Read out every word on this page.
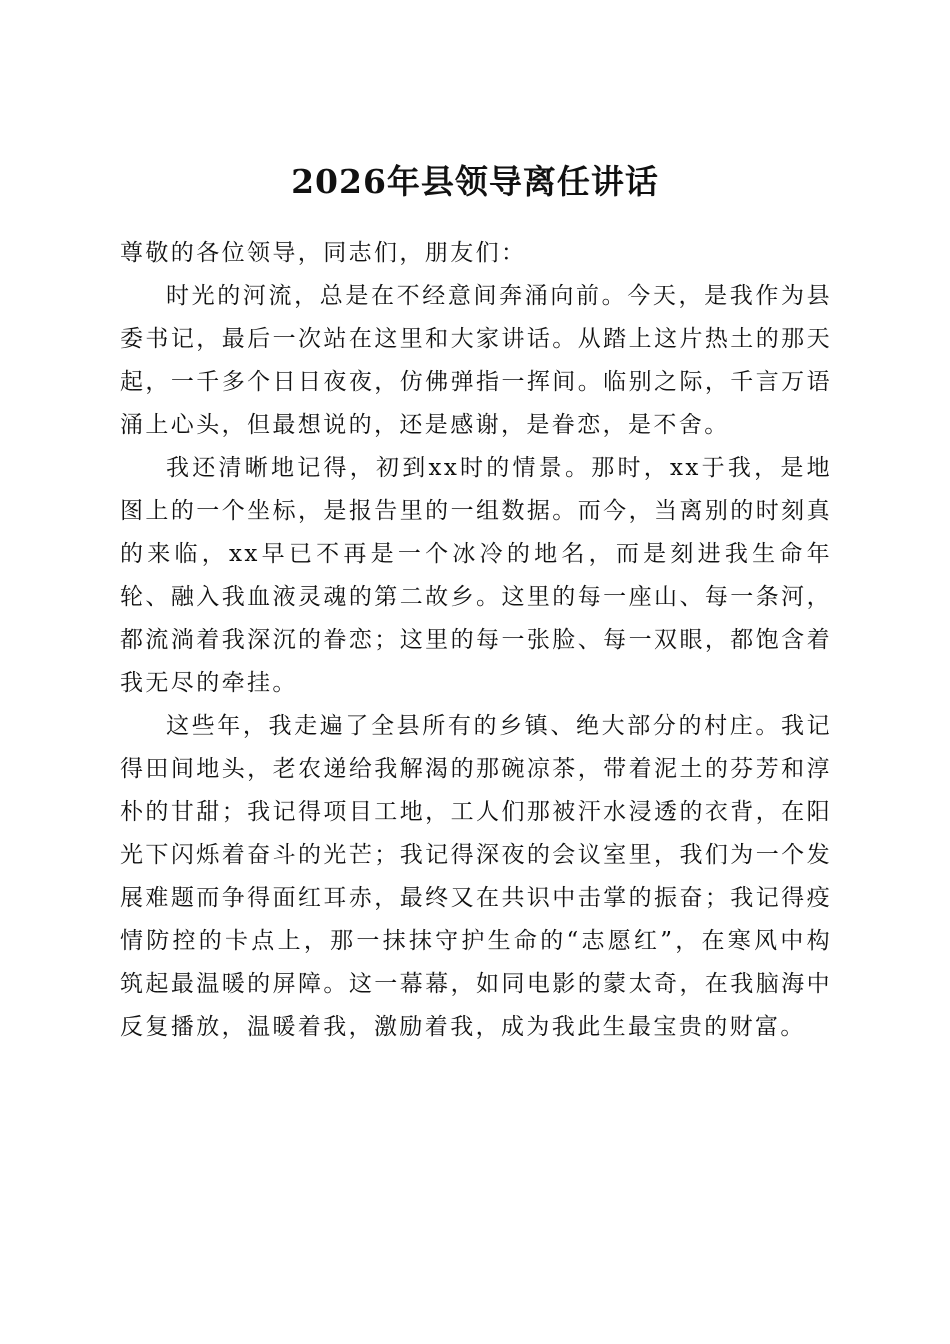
2026年县领导离任讲话

尊敬的各位领导，同志们，朋友们：

时光的河流，总是在不经意间奔涌向前。今天，是我作为县委书记，最后一次站在这里和大家讲话。从踏上这片热土的那天起，一千多个日日夜夜，仿佛弹指一挥间。临别之际，千言万语涌上心头，但最想说的，还是感谢，是眷恋，是不舍。

我还清晰地记得，初到xx时的情景。那时，xx于我，是地图上的一个坐标，是报告里的一组数据。而今，当离别的时刻真的来临，xx早已不再是一个冰冷的地名，而是刻进我生命年轮、融入我血液灵魂的第二故乡。这里的每一座山、每一条河，都流淌着我深沉的眷恋；这里的每一张脸、每一双眼，都饱含着我无尽的牵挂。

这些年，我走遍了全县所有的乡镇、绝大部分的村庄。我记得田间地头，老农递给我解渴的那碗凉茶，带着泥土的芬芳和淳朴的甘甜；我记得项目工地，工人们那被汗水浸透的衣背，在阳光下闪烁着奋斗的光芒；我记得深夜的会议室里，我们为一个发展难题而争得面红耳赤，最终又在共识中击掌的振奋；我记得疫情防控的卡点上，那一抹抹守护生命的“志愿红”，在寒风中构筑起最温暖的屏障。这一幕幕，如同电影的蒙太奇，在我脑海中反复播放，温暖着我，激励着我，成为我此生最宝贵的财富。
